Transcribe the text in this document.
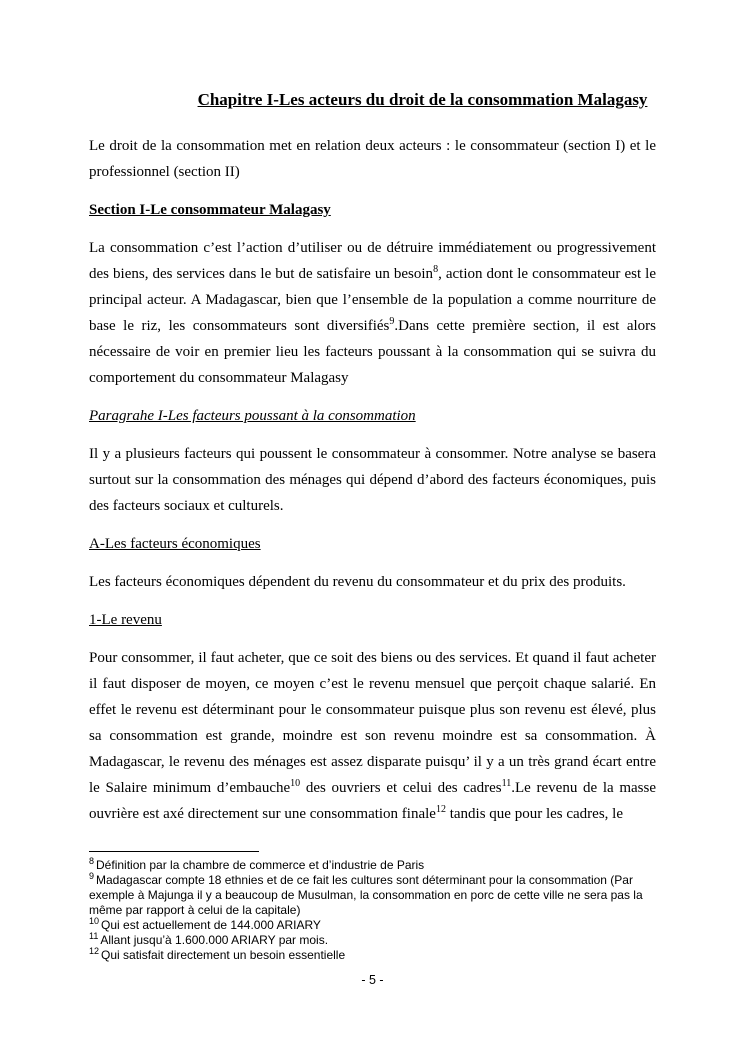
Chapitre I-Les acteurs du droit de la consommation Malagasy

Le droit de la consommation met en relation deux acteurs : le consommateur (section I) et le professionnel (section II)

Section I-Le consommateur Malagasy

La consommation c’est l’action d’utiliser ou de détruire immédiatement ou progressivement des biens, des services dans le but de satisfaire un besoin$^8$, action dont le consommateur est le principal acteur. A Madagascar, bien que l’ensemble de la population a comme nourriture de base le riz, les consommateurs sont diversifiés$^9$.Dans cette première section, il est alors nécessaire de voir en premier lieu les facteurs poussant à la consommation qui se suivra du comportement du consommateur Malagasy

Paragrahe I-Les facteurs poussant à la consommation

Il y a plusieurs facteurs qui poussent le consommateur à consommer. Notre analyse se basera surtout sur la consommation des ménages qui dépend d’abord des facteurs économiques, puis des facteurs sociaux et culturels.

A-Les facteurs économiques

Les facteurs économiques dépendent du revenu du consommateur et du prix des produits.

1-Le revenu

Pour consommer, il faut acheter, que ce soit des biens ou des services. Et quand il faut acheter il faut disposer de moyen, ce moyen c’est le revenu mensuel que perçoit chaque salarié. En effet le revenu est déterminant pour le consommateur puisque plus son revenu est élevé, plus sa consommation est grande, moindre est son revenu moindre est sa consommation. À Madagascar, le revenu des ménages est assez disparate puisqu’ il y a un très grand écart entre le Salaire minimum d’embauche$^{10}$ des ouvriers et celui des cadres$^{11}$.Le revenu de la masse ouvrière est axé directement sur une consommation finale$^{12}$ tandis que pour les cadres, le

$^8$ Définition par la chambre de commerce et d’industrie de Paris

$^9$ Madagascar compte 18 ethnies et de ce fait les cultures sont déterminant pour la consommation (Par exemple à Majunga il y a beaucoup de Musulman, la consommation en porc de cette ville ne sera pas la même par rapport à celui de la capitale)

$^{10}$ Qui est actuellement de 144.000 ARIARY

$^{11}$ Allant jusqu’à 1.600.000 ARIARY par mois.

$^{12}$ Qui satisfait directement un besoin essentielle

- 5 -
